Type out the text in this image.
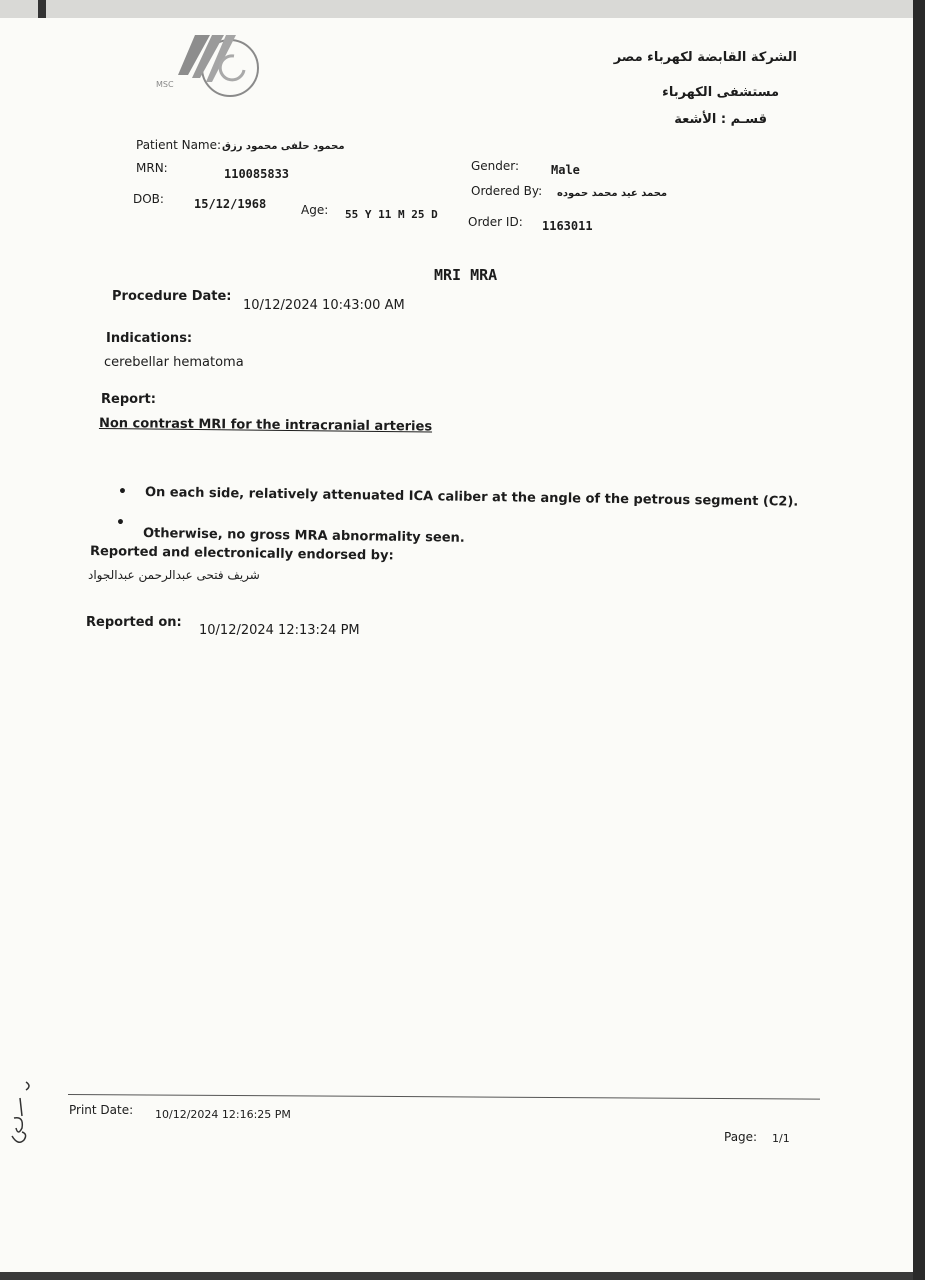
MSC
الشركة القابضة لكهرباء مصر
مستشفى الكهرباء
قسـم : الأشعة
Patient Name: محمود حلفى محمود رزق
MRN:	110085833
DOB:	15/12/1968	Age: 55 Y 11 M 25 D
Gender:	Male
Ordered By: محمد عيد محمد حموده
Order ID: 1163011
MRI MRA
Procedure Date:
10/12/2024 10:43:00 AM
Indications:
cerebellar hematoma
Report:
Non contrast MRI for the intracranial arteries
• On each side, relatively attenuated ICA caliber at the angle of the petrous segment (C2).
•
Otherwise, no gross MRA abnormality seen.
Reported and electronically endorsed by:
شريف فتحى عبدالرحمن عبدالجواد
Reported on:
10/12/2024 12:13:24 PM
Print Date: 10/12/2024 12:16:25 PM
Page: 1/1
